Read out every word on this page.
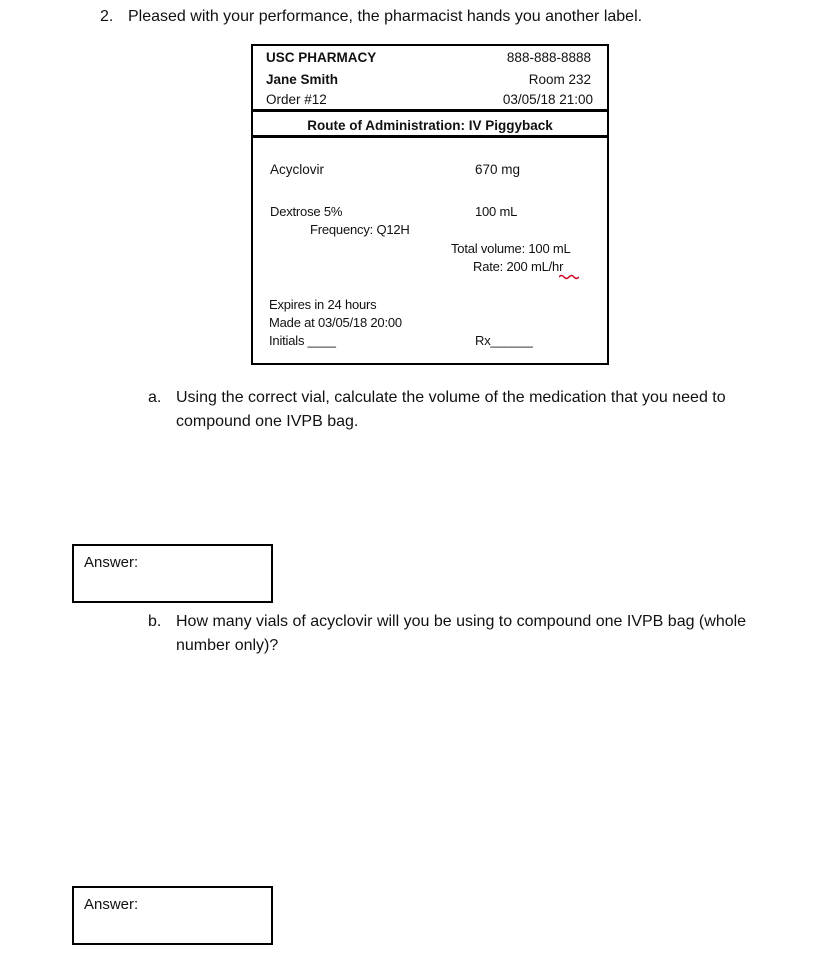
2. Pleased with your performance, the pharmacist hands you another label.
USC PHARMACY	888-888-8888
Jane Smith	Room 232
Order #12	03/05/18 21:00
Route of Administration: IV Piggyback
Acyclovir	670 mg
Dextrose 5%	100 mL
Frequency: Q12H
Total volume: 100 mL
Rate: 200 mL/hr
Expires in 24 hours
Made at 03/05/18 20:00
Initials ____	Rx______
a. Using the correct vial, calculate the volume of the medication that you need to
compound one IVPB bag.
Answer:
b. How many vials of acyclovir will you be using to compound one IVPB bag (whole
number only)?
Answer:
